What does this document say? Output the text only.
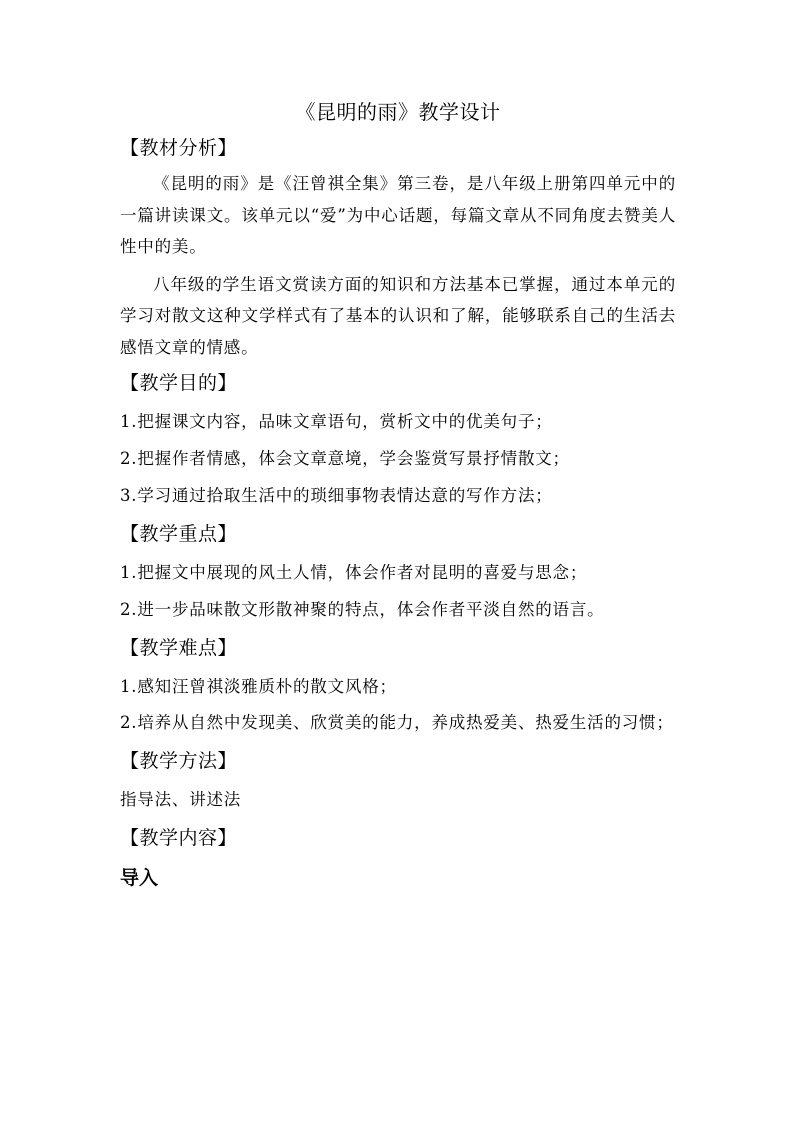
《昆明的雨》教学设计
【教材分析】

《昆明的雨》是《汪曾祺全集》第三卷，是八年级上册第四单元中的一篇讲读课文。该单元以“爱”为中心话题，每篇文章从不同角度去赞美人性中的美。

八年级的学生语文赏读方面的知识和方法基本已掌握，通过本单元的学习对散文这种文学样式有了基本的认识和了解，能够联系自己的生活去感悟文章的情感。

【教学目的】

1.把握课文内容，品味文章语句，赏析文中的优美句子；

2.把握作者情感，体会文章意境，学会鉴赏写景抒情散文；

3.学习通过拾取生活中的琐细事物表情达意的写作方法；

【教学重点】

1.把握文中展现的风土人情，体会作者对昆明的喜爱与思念；

2.进一步品味散文形散神聚的特点，体会作者平淡自然的语言。

【教学难点】

1.感知汪曾祺淡雅质朴的散文风格；

2.培养从自然中发现美、欣赏美的能力，养成热爱美、热爱生活的习惯；

【教学方法】

指导法、讲述法

【教学内容】
导入
